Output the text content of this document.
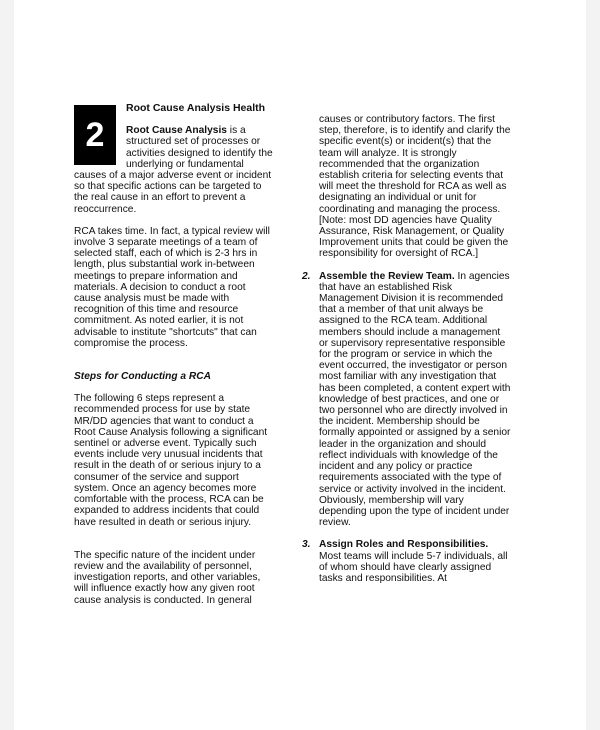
2

Root Cause Analysis Health

Root Cause Analysis is a structured set of processes or activities designed to identify the underlying or fundamental causes of a major adverse event or incident so that specific actions can be targeted to the real cause in an effort to prevent a reoccurrence.

RCA takes time. In fact, a typical review will involve 3 separate meetings of a team of selected staff, each of which is 2-3 hrs in length, plus substantial work in-between meetings to prepare information and materials. A decision to conduct a root cause analysis must be made with recognition of this time and resource commitment. As noted earlier, it is not advisable to institute "shortcuts" that can compromise the process.

Steps for Conducting a RCA

The following 6 steps represent a recommended process for use by state MR/DD agencies that want to conduct a Root Cause Analysis following a significant sentinel or adverse event. Typically such events include very unusual incidents that result in the death of or serious injury to a consumer of the service and support system. Once an agency becomes more comfortable with the process, RCA can be expanded to address incidents that could have resulted in death or serious injury.

The specific nature of the incident under review and the availability of personnel, investigation reports, and other variables, will influence exactly how any given root cause analysis is conducted. In general

causes or contributory factors. The first step, therefore, is to identify and clarify the specific event(s) or incident(s) that the team will analyze. It is strongly recommended that the organization establish criteria for selecting events that will meet the threshold for RCA as well as designating an individual or unit for coordinating and managing the process. [Note: most DD agencies have Quality Assurance, Risk Management, or Quality Improvement units that could be given the responsibility for oversight of RCA.]

2. Assemble the Review Team. In agencies that have an established Risk Management Division it is recommended that a member of that unit always be assigned to the RCA team. Additional members should include a management or supervisory representative responsible for the program or service in which the event occurred, the investigator or person most familiar with any investigation that has been completed, a content expert with knowledge of best practices, and one or two personnel who are directly involved in the incident. Membership should be formally appointed or assigned by a senior leader in the organization and should reflect individuals with knowledge of the incident and any policy or practice requirements associated with the type of service or activity involved in the incident. Obviously, membership will vary depending upon the type of incident under review.
3. Assign Roles and Responsibilities. Most teams will include 5-7 individuals, all of whom should have clearly assigned tasks and responsibilities. At
